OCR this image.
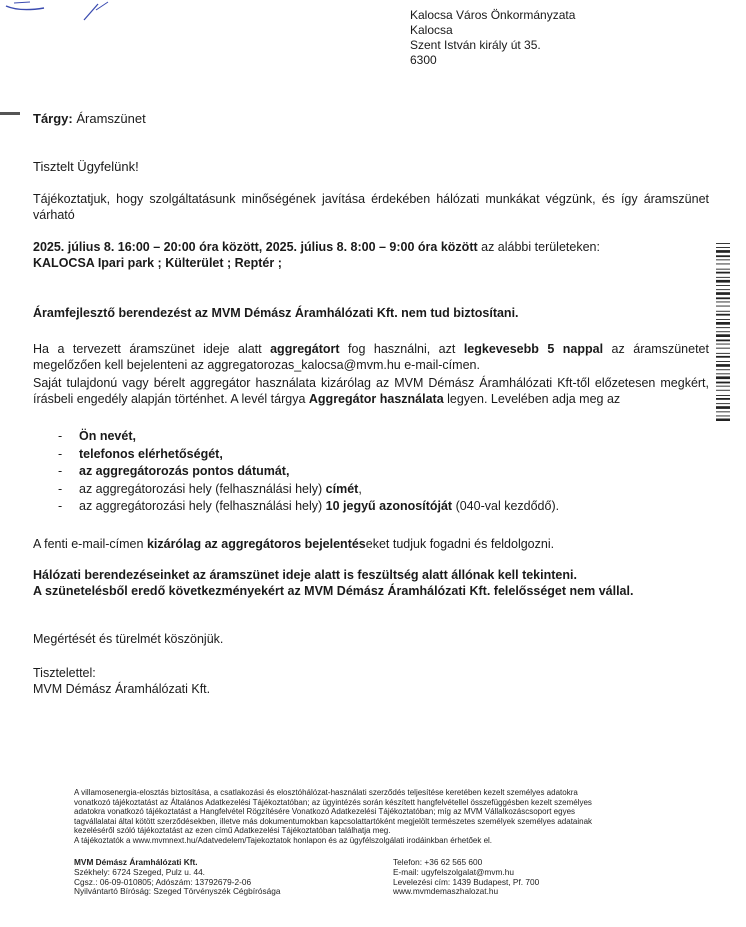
Kalocsa Város Önkormányzata
Kalocsa
Szent István király út 35.
6300
Tárgy: Áramszünet
Tisztelt Ügyfelünk!
Tájékoztatjuk, hogy szolgáltatásunk minőségének javítása érdekében hálózati munkákat végzünk, és így áramszünet várható
2025. július 8. 16:00 – 20:00 óra között, 2025. július 8. 8:00 – 9:00 óra között az alábbi területeken:
KALOCSA Ipari park ; Külterület ; Reptér ;
Áramfejlesztő berendezést az MVM Démász Áramhálózati Kft. nem tud biztosítani.
Ha a tervezett áramszünet ideje alatt aggregátort fog használni, azt legkevesebb 5 nappal az áramszünetet megelőzően kell bejelenteni az aggregatorozas_kalocsa@mvm.hu e-mail-címen.
Saját tulajdonú vagy bérelt aggregátor használata kizárólag az MVM Démász Áramhálózati Kft-től előzetesen megkért, írásbeli engedély alapján történhet. A levél tárgya Aggregátor használata legyen. Levelében adja meg az
- Ön nevét,
- telefonos elérhetőségét,
- az aggregátorozás pontos dátumát,
- az aggregátorozási hely (felhasználási hely) címét,
- az aggregátorozási hely (felhasználási hely) 10 jegyű azonosítóját (040-val kezdődő).
A fenti e-mail-címen kizárólag az aggregátoros bejelentéseket tudjuk fogadni és feldolgozni.
Hálózati berendezéseinket az áramszünet ideje alatt is feszültség alatt állónak kell tekinteni.
A szünetelésből eredő következményekért az MVM Démász Áramhálózati Kft. felelősséget nem vállal.
Megértését és türelmét köszönjük.
Tisztelettel:
MVM Démász Áramhálózati Kft.
A villamosenergia-elosztás biztosítása, a csatlakozási és elosztóhálózat-használati szerződés teljesítése keretében kezelt személyes adatokra
vonatkozó tájékoztatást az Általános Adatkezelési Tájékoztatóban; az ügyintézés során készített hangfelvétellel összefüggésben kezelt személyes
adatokra vonatkozó tájékoztatást a Hangfelvétel Rögzítésére Vonatkozó Adatkezelési Tájékoztatóban; míg az MVM Vállalkozáscsoport egyes
tagvállalatai által kötött szerződésekben, illetve más dokumentumokban kapcsolattartóként megjelölt természetes személyek személyes adatainak
kezeléséről szóló tájékoztatást az ezen című Adatkezelési Tájékoztatóban találhatja meg.
A tájékoztatók a www.mvmnext.hu/Adatvedelem/Tajekoztatok honlapon és az ügyfélszolgálati irodáinkban érhetőek el.
MVM Démász Áramhálózati Kft.
Székhely: 6724 Szeged, Pulz u. 44.
Cgsz.: 06-09-010805; Adószám: 13792679-2-06
Nyilvántartó Bíróság: Szeged Törvényszék Cégbírósága
Telefon: +36 62 565 600
E-mail: ugyfelszolgalat@mvm.hu
Levelezési cím: 1439 Budapest, Pf. 700
www.mvmdemaszhalozat.hu
